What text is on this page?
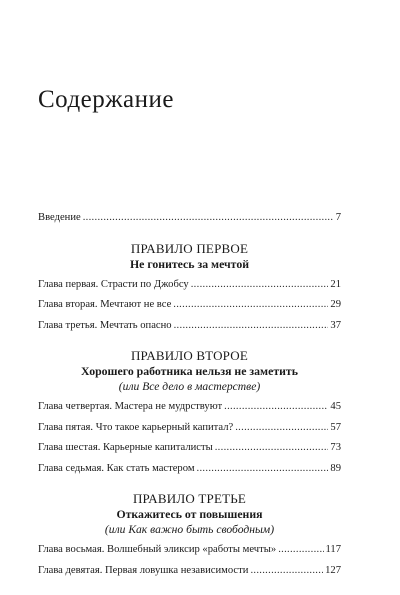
Содержание
Введение .....	7
ПРАВИЛО ПЕРВОЕ
Не гонитесь за мечтой
Глава первая. Страсти по Джобсу .....	21
Глава вторая. Мечтают не все .....	29
Глава третья. Мечтать опасно .....	37
ПРАВИЛО ВТОРОЕ
Хорошего работника нельзя не заметить
(или Все дело в мастерстве)
Глава четвертая. Мастера не мудрствуют .....	45
Глава пятая. Что такое карьерный капитал? .....	57
Глава шестая. Карьерные капиталисты .....	73
Глава седьмая. Как стать мастером .....	89
ПРАВИЛО ТРЕТЬЕ
Откажитесь от повышения
(или Как важно быть свободным)
Глава восьмая. Волшебный эликсир «работы мечты» .....	117
Глава девятая. Первая ловушка независимости .....	127
